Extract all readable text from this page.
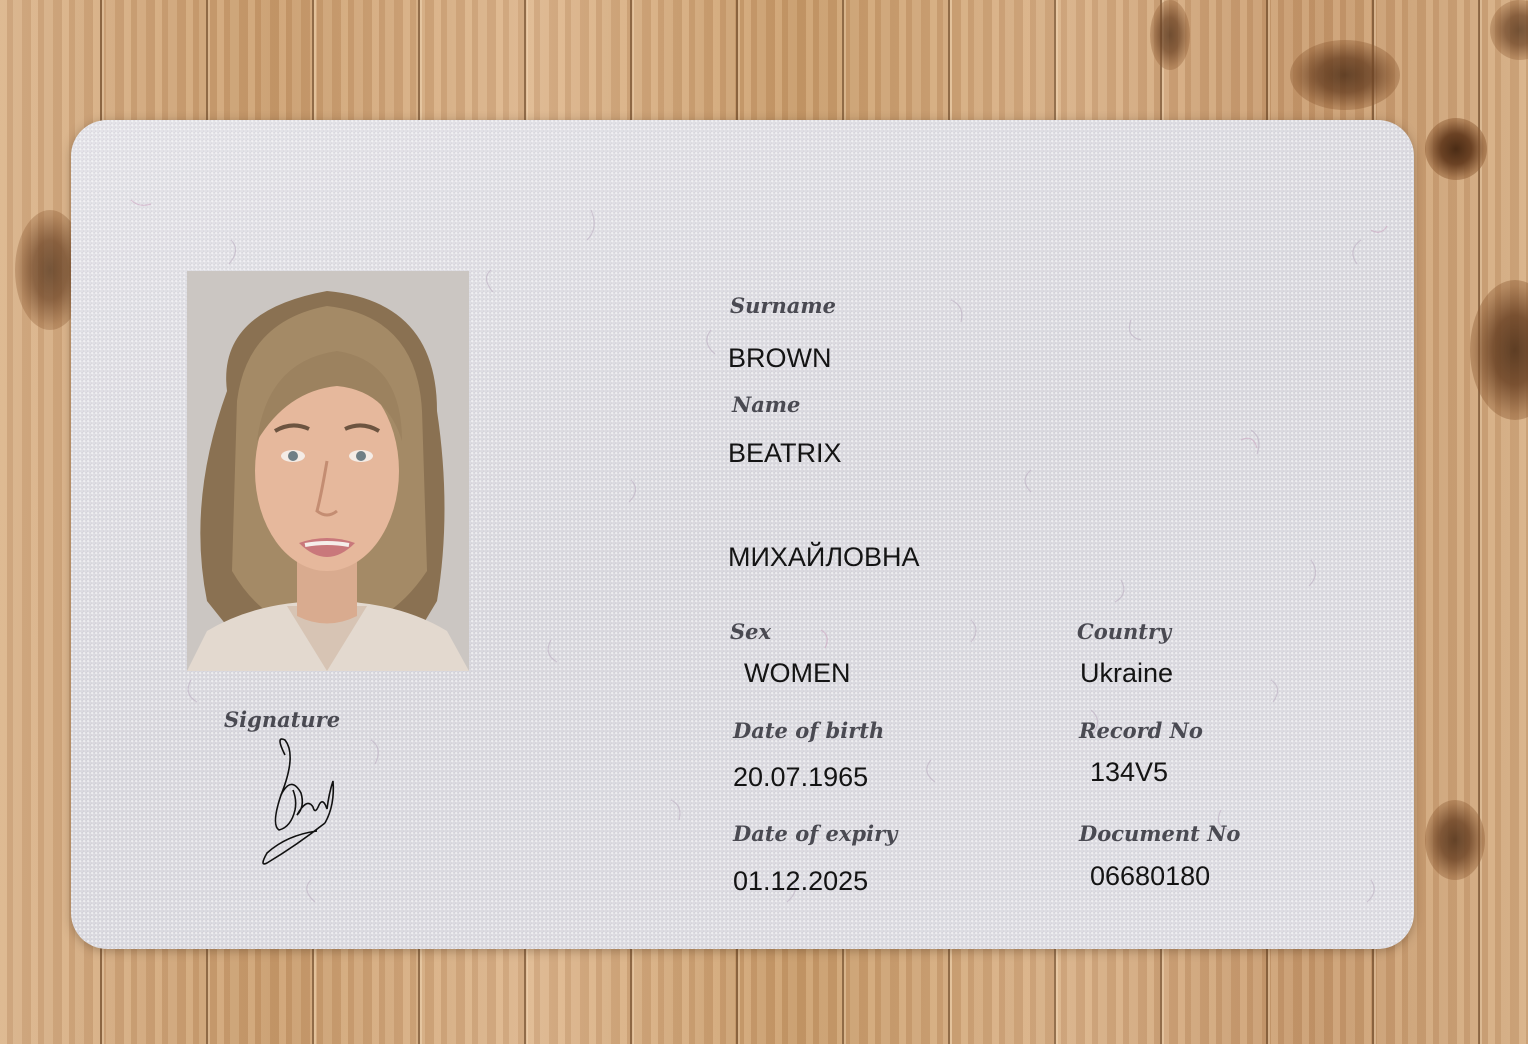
Signature
Surname
BROWN
Name
BEATRIX
МИХАЙЛОВНА
Sex
WOMEN
Country
Ukraine
Date of birth
20.07.1965
Record No
134V5
Date of expiry
01.12.2025
Document No
06680180
